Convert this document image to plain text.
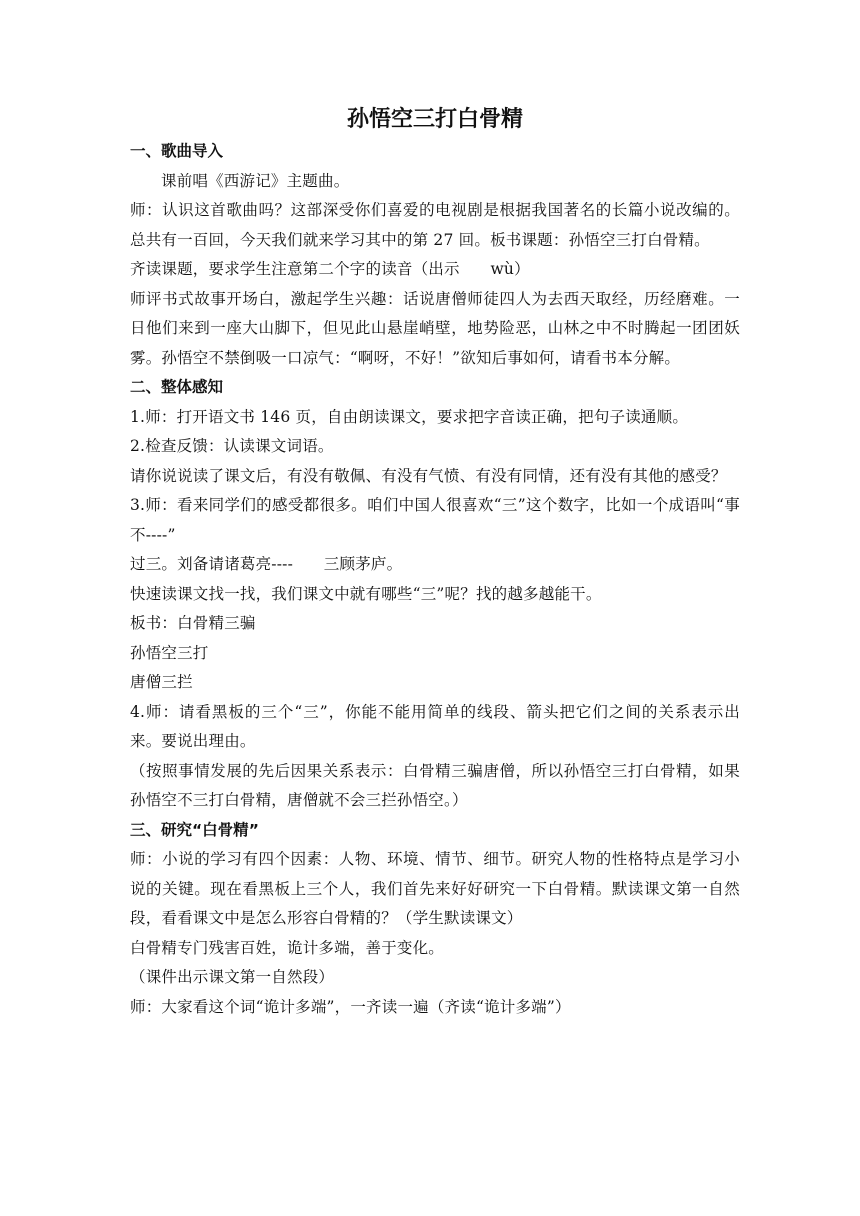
孙悟空三打白骨精

一、歌曲导入

课前唱《西游记》主题曲。

师：认识这首歌曲吗？这部深受你们喜爱的电视剧是根据我国著名的长篇小说改编的。总共有一百回，今天我们就来学习其中的第 27 回。板书课题：孙悟空三打白骨精。

齐读课题，要求学生注意第二个字的读音（出示      wù）

师评书式故事开场白，激起学生兴趣：话说唐僧师徒四人为去西天取经，历经磨难。一日他们来到一座大山脚下，但见此山悬崖峭壁，地势险恶，山林之中不时腾起一团团妖雾。孙悟空不禁倒吸一口凉气：“啊呀，不好！”欲知后事如何，请看书本分解。

二、整体感知

1.师：打开语文书 146 页，自由朗读课文，要求把字音读正确，把句子读通顺。

2.检查反馈：认读课文词语。

请你说说读了课文后，有没有敬佩、有没有气愤、有没有同情，还有没有其他的感受？

3.师：看来同学们的感受都很多。咱们中国人很喜欢“三”这个数字，比如一个成语叫“事不----”

过三。刘备请诸葛亮----      三顾茅庐。

快速读课文找一找，我们课文中就有哪些“三”呢？找的越多越能干。

板书：白骨精三骗

孙悟空三打

唐僧三拦

4.师：请看黑板的三个“三”，你能不能用简单的线段、箭头把它们之间的关系表示出来。要说出理由。

（按照事情发展的先后因果关系表示：白骨精三骗唐僧，所以孙悟空三打白骨精，如果孙悟空不三打白骨精，唐僧就不会三拦孙悟空。）

三、研究“白骨精”

师：小说的学习有四个因素：人物、环境、情节、细节。研究人物的性格特点是学习小说的关键。现在看黑板上三个人，我们首先来好好研究一下白骨精。默读课文第一自然段，看看课文中是怎么形容白骨精的？（学生默读课文）

白骨精专门残害百姓，诡计多端，善于变化。

（课件出示课文第一自然段）

师：大家看这个词“诡计多端”，一齐读一遍（齐读“诡计多端”）
